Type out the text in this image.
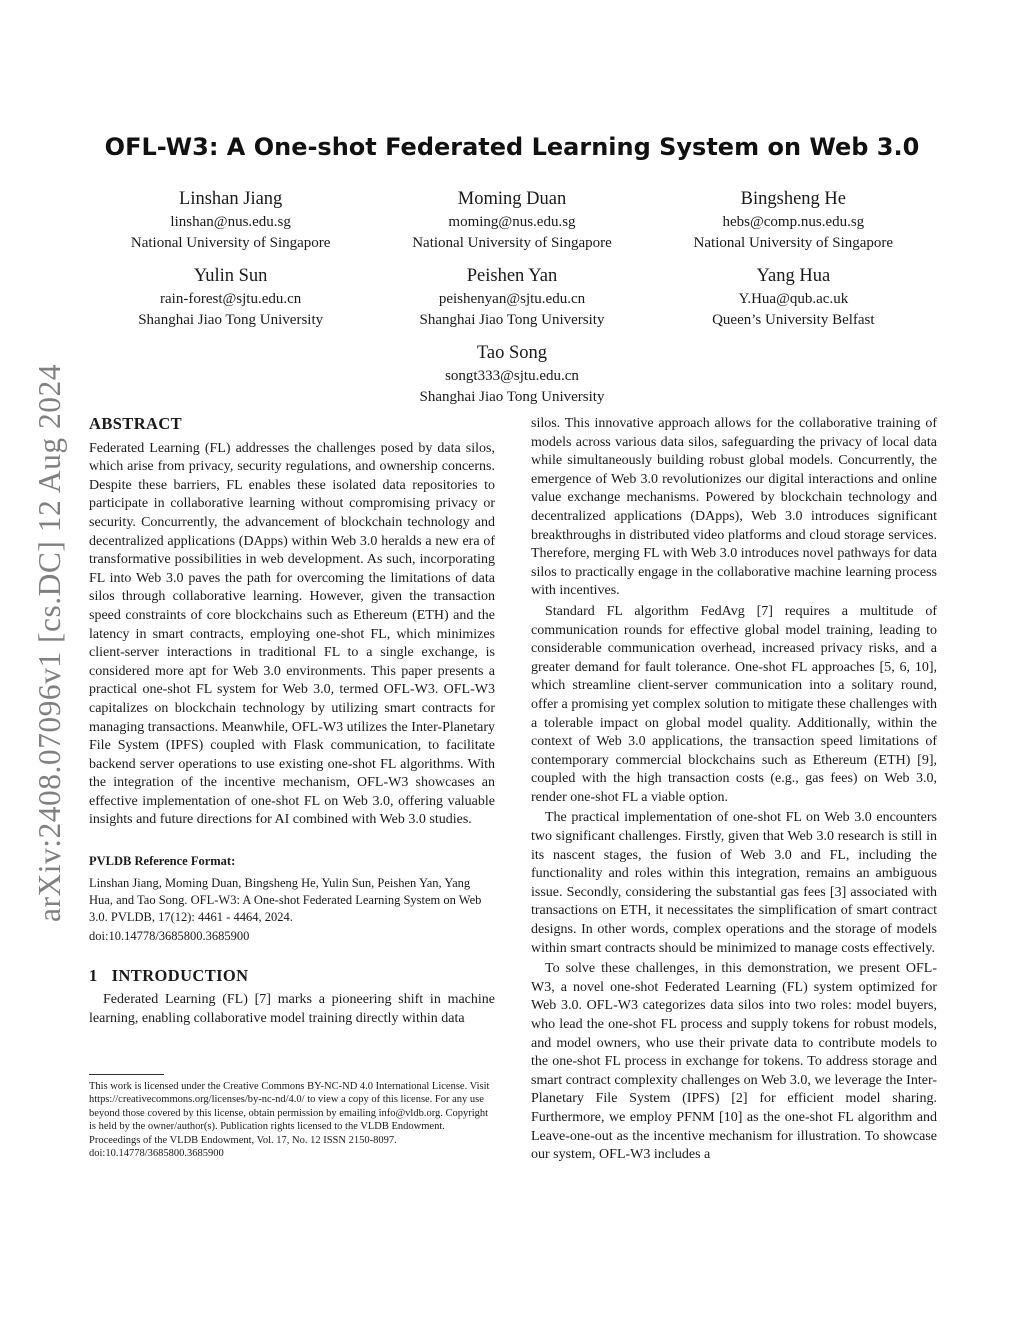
arXiv:2408.07096v1 [cs.DC] 12 Aug 2024
OFL-W3: A One-shot Federated Learning System on Web 3.0
Linshan Jiang
linshan@nus.edu.sg
National University of Singapore
Moming Duan
moming@nus.edu.sg
National University of Singapore
Bingsheng He
hebs@comp.nus.edu.sg
National University of Singapore
Yulin Sun
rain-forest@sjtu.edu.cn
Shanghai Jiao Tong University
Peishen Yan
peishenyan@sjtu.edu.cn
Shanghai Jiao Tong University
Yang Hua
Y.Hua@qub.ac.uk
Queen’s University Belfast
Tao Song
songt333@sjtu.edu.cn
Shanghai Jiao Tong University
ABSTRACT

Federated Learning (FL) addresses the challenges posed by data silos, which arise from privacy, security regulations, and ownership concerns. Despite these barriers, FL enables these isolated data repositories to participate in collaborative learning without compromising privacy or security. Concurrently, the advancement of blockchain technology and decentralized applications (DApps) within Web 3.0 heralds a new era of transformative possibilities in web development. As such, incorporating FL into Web 3.0 paves the path for overcoming the limitations of data silos through collaborative learning. However, given the transaction speed constraints of core blockchains such as Ethereum (ETH) and the latency in smart contracts, employing one-shot FL, which minimizes client-server interactions in traditional FL to a single exchange, is considered more apt for Web 3.0 environments. This paper presents a practical one-shot FL system for Web 3.0, termed OFL-W3. OFL-W3 capitalizes on blockchain technology by utilizing smart contracts for managing transactions. Meanwhile, OFL-W3 utilizes the Inter-Planetary File System (IPFS) coupled with Flask communication, to facilitate backend server operations to use existing one-shot FL algorithms. With the integration of the incentive mechanism, OFL-W3 showcases an effective implementation of one-shot FL on Web 3.0, offering valuable insights and future directions for AI combined with Web 3.0 studies.

PVLDB Reference Format:

Linshan Jiang, Moming Duan, Bingsheng He, Yulin Sun, Peishen Yan, Yang Hua, and Tao Song. OFL-W3: A One-shot Federated Learning System on Web 3.0. PVLDB, 17(12): 4461 - 4464, 2024.

doi:10.14778/3685800.3685900

1 INTRODUCTION

Federated Learning (FL) [7] marks a pioneering shift in machine learning, enabling collaborative model training directly within data

This work is licensed under the Creative Commons BY-NC-ND 4.0 International License. Visit https://creativecommons.org/licenses/by-nc-nd/4.0/ to view a copy of this license. For any use beyond those covered by this license, obtain permission by emailing info@vldb.org. Copyright is held by the owner/author(s). Publication rights licensed to the VLDB Endowment.

Proceedings of the VLDB Endowment, Vol. 17, No. 12 ISSN 2150-8097.

doi:10.14778/3685800.3685900

silos. This innovative approach allows for the collaborative training of models across various data silos, safeguarding the privacy of local data while simultaneously building robust global models. Concurrently, the emergence of Web 3.0 revolutionizes our digital interactions and online value exchange mechanisms. Powered by blockchain technology and decentralized applications (DApps), Web 3.0 introduces significant breakthroughs in distributed video platforms and cloud storage services. Therefore, merging FL with Web 3.0 introduces novel pathways for data silos to practically engage in the collaborative machine learning process with incentives.

Standard FL algorithm FedAvg [7] requires a multitude of communication rounds for effective global model training, leading to considerable communication overhead, increased privacy risks, and a greater demand for fault tolerance. One-shot FL approaches [5, 6, 10], which streamline client-server communication into a solitary round, offer a promising yet complex solution to mitigate these challenges with a tolerable impact on global model quality. Additionally, within the context of Web 3.0 applications, the transaction speed limitations of contemporary commercial blockchains such as Ethereum (ETH) [9], coupled with the high transaction costs (e.g., gas fees) on Web 3.0, render one-shot FL a viable option.

The practical implementation of one-shot FL on Web 3.0 encounters two significant challenges. Firstly, given that Web 3.0 research is still in its nascent stages, the fusion of Web 3.0 and FL, including the functionality and roles within this integration, remains an ambiguous issue. Secondly, considering the substantial gas fees [3] associated with transactions on ETH, it necessitates the simplification of smart contract designs. In other words, complex operations and the storage of models within smart contracts should be minimized to manage costs effectively.

To solve these challenges, in this demonstration, we present OFL-W3, a novel one-shot Federated Learning (FL) system optimized for Web 3.0. OFL-W3 categorizes data silos into two roles: model buyers, who lead the one-shot FL process and supply tokens for robust models, and model owners, who use their private data to contribute models to the one-shot FL process in exchange for tokens. To address storage and smart contract complexity challenges on Web 3.0, we leverage the Inter-Planetary File System (IPFS) [2] for efficient model sharing. Furthermore, we employ PFNM [10] as the one-shot FL algorithm and Leave-one-out as the incentive mechanism for illustration. To showcase our system, OFL-W3 includes a
